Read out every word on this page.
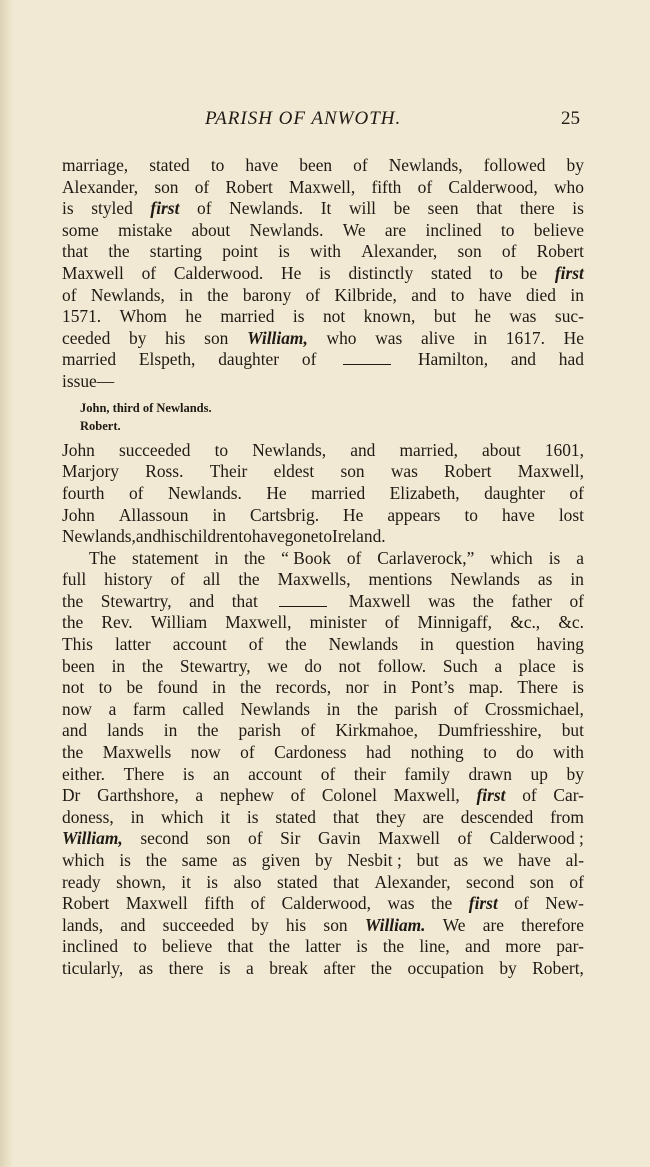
PARISH OF ANWOTH.	25
marriage, stated to have been of Newlands, followed by
Alexander, son of Robert Maxwell, fifth of Calderwood, who
is styled first of Newlands. It will be seen that there is
some mistake about Newlands. We are inclined to believe
that the starting point is with Alexander, son of Robert
Maxwell of Calderwood. He is distinctly stated to be first
of Newlands, in the barony of Kilbride, and to have died in
1571. Whom he married is not known, but he was suc-
ceeded by his son William, who was alive in 1617. He
married Elspeth, daughter of	Hamilton, and had
issue—
John, third of Newlands.
Robert.
John succeeded to Newlands, and married, about 1601,
Marjory Ross. Their eldest son was Robert Maxwell,
fourth of Newlands. He married Elizabeth, daughter of
John Allassoun in Cartsbrig. He appears to have lost
Newlands, and his children to have gone to Ireland.
The statement in the “ Book of Carlaverock,” which is a
full history of all the Maxwells, mentions Newlands as in
the Stewartry, and that	Maxwell was the father of
the Rev. William Maxwell, minister of Minnigaff, &c., &c.
This latter account of the Newlands in question having
been in the Stewartry, we do not follow. Such a place is
not to be found in the records, nor in Pont’s map. There is
now a farm called Newlands in the parish of Crossmichael,
and lands in the parish of Kirkmahoe, Dumfriesshire, but
the Maxwells now of Cardoness had nothing to do with
either. There is an account of their family drawn up by
Dr Garthshore, a nephew of Colonel Maxwell, first of Car-
doness, in which it is stated that they are descended from
William, second son of Sir Gavin Maxwell of Calderwood ;
which is the same as given by Nesbit ; but as we have al-
ready shown, it is also stated that Alexander, second son of
Robert Maxwell fifth of Calderwood, was the first of New-
lands, and succeeded by his son William. We are therefore
inclined to believe that the latter is the line, and more par-
ticularly, as there is a break after the occupation by Robert,
